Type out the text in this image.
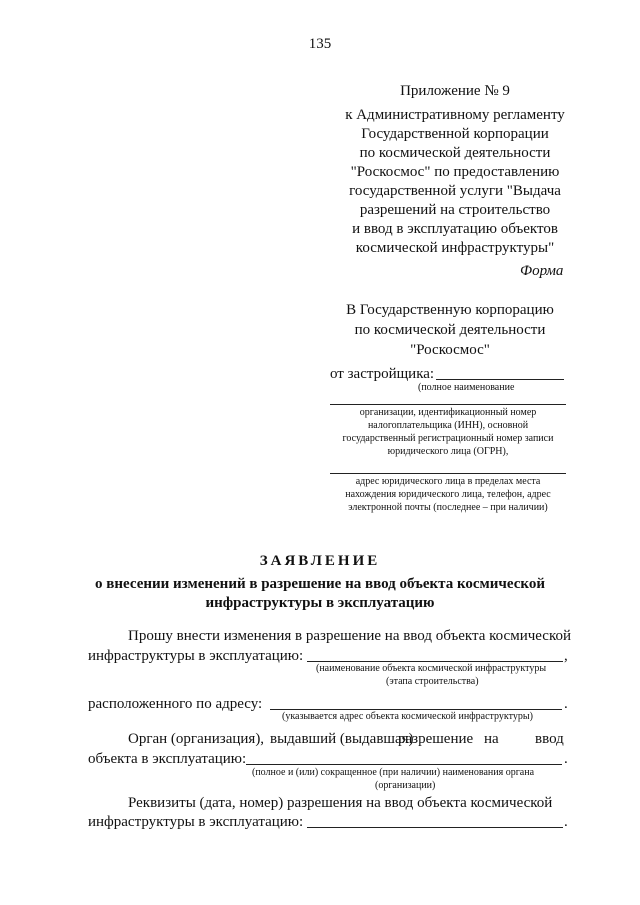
135
Приложение № 9
к Административному регламенту
Государственной корпорации
по космической деятельности
"Роскосмос" по предоставлению
государственной услуги "Выдача
разрешений на строительство
и ввод в эксплуатацию объектов
космической инфраструктуры"
Форма
В Государственную корпорацию
по космической деятельности
"Роскосмос"
от застройщика:
(полное наименование
организации, идентификационный номер
налогоплательщика (ИНН), основной
государственный регистрационный номер записи
юридического лица (ОГРН),
адрес юридического лица в пределах места
нахождения юридического лица, телефон, адрес
электронной почты (последнее – при наличии)
ЗАЯВЛЕНИЕ
о внесении изменений в разрешение на ввод объекта космической
инфраструктуры в эксплуатацию
Прошу внести изменения в разрешение на ввод объекта космической
инфраструктуры в эксплуатацию:	,
(наименование объекта космической инфраструктуры
(этапа строительства)
расположенного по адресу:	.
(указывается адрес объекта космической инфраструктуры)
Орган (организация), выдавший (выдавшая)
разрешение на ввод
объекта в эксплуатацию:	.
(полное и (или) сокращенное (при наличии) наименования органа
(организации)
Реквизиты (дата, номер) разрешения на ввод объекта космической
инфраструктуры в эксплуатацию:	.
